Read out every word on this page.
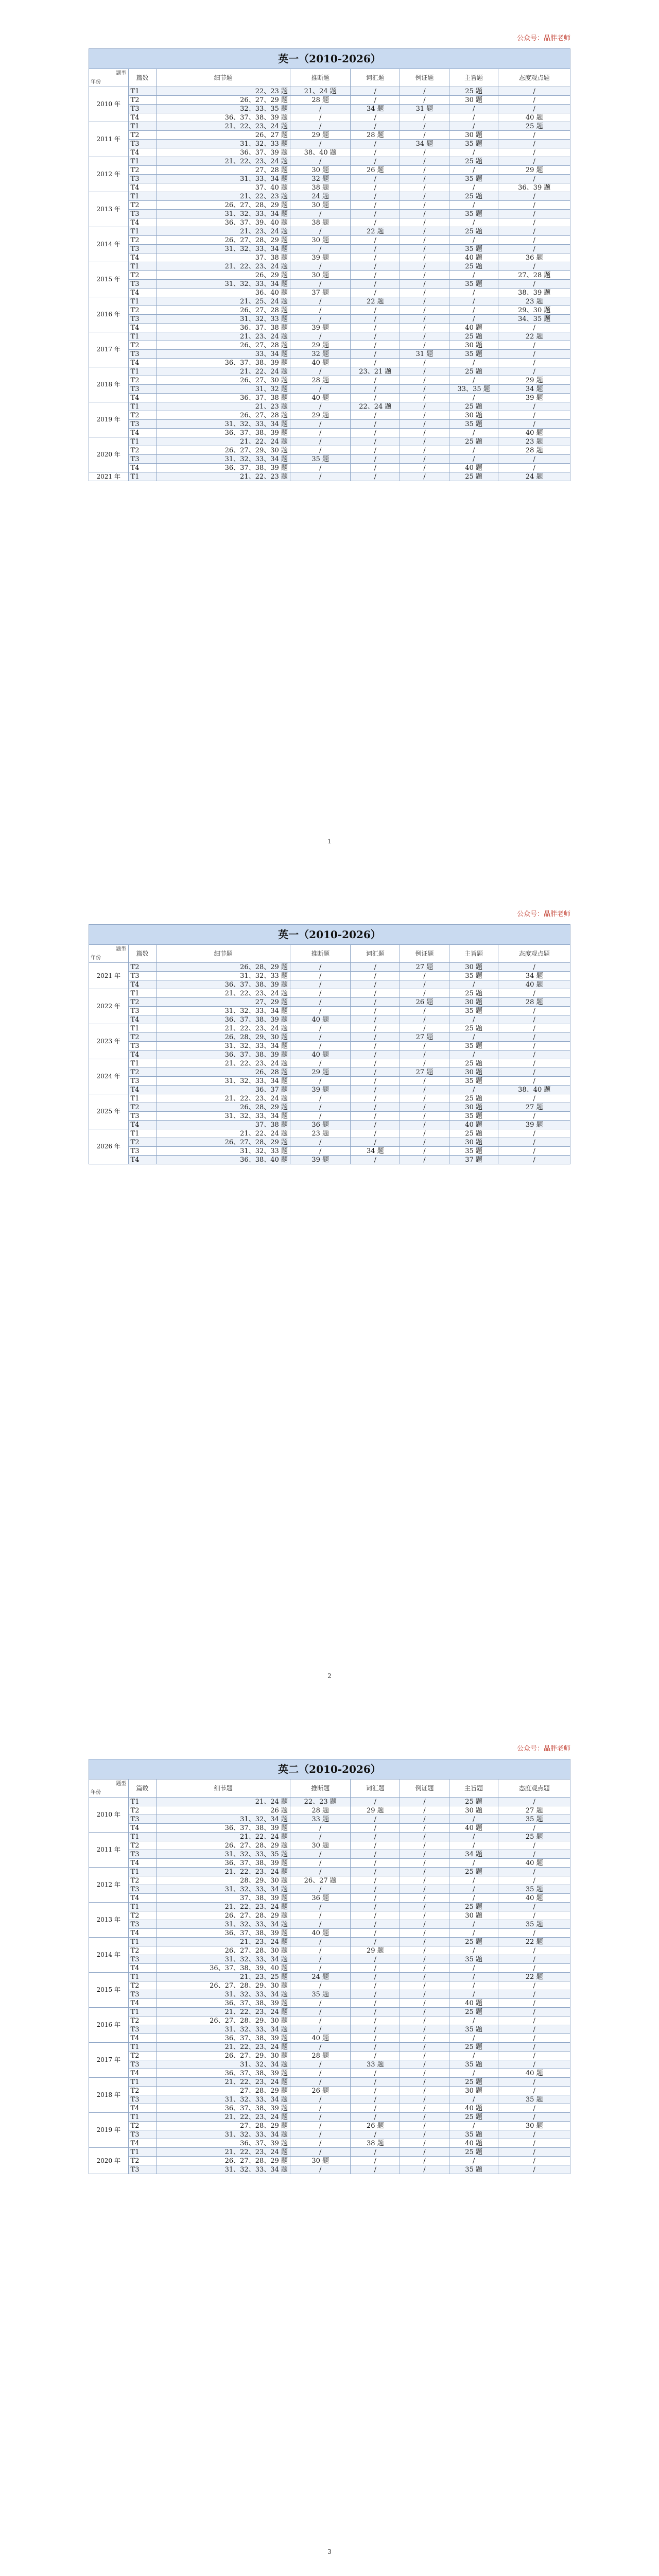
公众号：晶胖老师
英一（2010-2026）							

题型
年份	篇数	细节题	推断题	词汇题	例证题	主旨题	态度观点题
2010 年	T1	22、23 题	21、24 题	/	/	25 题	/
	T2	26、27、29 题	28 题	/	/	30 题	/
	T3	32、33、35 题	/	34 题	31 题	/	/
	T4	36、37、38、39 题	/	/	/	/	40 题
2011 年	T1	21、22、23、24 题	/	/	/	/	25 题
	T2	26、27 题	29 题	28 题	/	30 题	/
	T3	31、32、33 题	/	/	34 题	35 题	/
	T4	36、37、39 题	38、40 题	/	/	/	/
2012 年	T1	21、22、23、24 题	/	/	/	25 题	/
	T2	27、28 题	30 题	26 题	/	/	29 题
	T3	31、33、34 题	32 题	/	/	35 题	/
	T4	37、40 题	38 题	/	/	/	36、39 题
2013 年	T1	21、22、23 题	24 题	/	/	25 题	/
	T2	26、27、28、29 题	30 题	/	/	/	/
	T3	31、32、33、34 题	/	/	/	35 题	/
	T4	36、37、39、40 题	38 题	/	/	/	/
2014 年	T1	21、23、24 题	/	22 题	/	25 题	/
	T2	26、27、28、29 题	30 题	/	/	/	/
	T3	31、32、33、34 题	/	/	/	35 题	/
	T4	37、38 题	39 题	/	/	40 题	36 题
2015 年	T1	21、22、23、24 题	/	/	/	25 题	/
	T2	26、29 题	30 题	/	/	/	27、28 题
	T3	31、32、33、34 题	/	/	/	35 题	/
	T4	36、40 题	37 题	/	/	/	38、39 题
2016 年	T1	21、25、24 题	/	22 题	/	/	23 题
	T2	26、27、28 题	/	/	/	/	29、30 题
	T3	31、32、33 题	/	/	/	/	34、35 题
	T4	36、37、38 题	39 题	/	/	40 题	/
2017 年	T1	21、23、24 题	/	/	/	25 题	22 题
	T2	26、27、28 题	29 题	/	/	30 题	/
	T3	33、34 题	32 题	/	31 题	35 题	/
	T4	36、37、38、39 题	40 题	/	/	/	/
2018 年	T1	21、22、24 题	/	23、21 题	/	25 题	/
	T2	26、27、30 题	28 题	/	/	/	29 题
	T3	31、32 题	/	/	/	33、35 题	34 题
	T4	36、37、38 题	40 题	/	/	/	39 题
2019 年	T1	21、23 题	/	22、24 题	/	25 题	/
	T2	26、27、28 题	29 题	/	/	30 题	/
	T3	31、32、33、34 题	/	/	/	35 题	/
	T4	36、37、38、39 题	/	/	/	/	40 题
2020 年	T1	21、22、24 题	/	/	/	25 题	23 题
	T2	26、27、29、30 题	/	/	/	/	28 题
	T3	31、32、33、34 题	35 题	/	/	/	/
	T4	36、37、38、39 题	/	/	/	40 题	/
2021 年	T1	21、22、23 题	/	/	/	25 题	24 题
1
公众号：晶胖老师
英一（2010-2026）							

题型
年份	篇数	细节题	推断题	词汇题	例证题	主旨题	态度观点题
2021 年	T2	26、28、29 题	/	/	27 题	30 题	/
	T3	31、32、33 题	/	/	/	35 题	34 题
	T4	36、37、38、39 题	/	/	/	/	40 题
2022 年	T1	21、22、23、24 题	/	/	/	25 题	/
	T2	27、29 题	/	/	26 题	30 题	28 题
	T3	31、32、33、34 题	/	/	/	35 题	/
	T4	36、37、38、39 题	40 题	/	/	/	/
2023 年	T1	21、22、23、24 题	/	/	/	25 题	/
	T2	26、28、29、30 题	/	/	27 题	/	/
	T3	31、32、33、34 题	/	/	/	35 题	/
	T4	36、37、38、39 题	40 题	/	/	/	/
2024 年	T1	21、22、23、24 题	/	/	/	25 题	/
	T2	26、28 题	29 题	/	27 题	30 题	/
	T3	31、32、33、34 题	/	/	/	35 题	/
	T4	36、37 题	39 题	/	/	/	38、40 题
2025 年	T1	21、22、23、24 题	/	/	/	25 题	/
	T2	26、28、29 题	/	/	/	30 题	27 题
	T3	31、32、33、34 题	/	/	/	35 题	/
	T4	37、38 题	36 题	/	/	40 题	39 题
2026 年	T1	21、22、24 题	23 题	/	/	25 题	/
	T2	26、27、28、29 题	/	/	/	30 题	/
	T3	31、32、33 题	/	34 题	/	35 题	/
	T4	36、38、40 题	39 题	/	/	37 题	/
2
公众号：晶胖老师
英二（2010-2026）							

题型
年份	篇数	细节题	推断题	词汇题	例证题	主旨题	态度观点题
2010 年	T1	21、24 题	22、23 题	/	/	25 题	/
	T2	26 题	28 题	29 题	/	30 题	27 题
	T3	31、32、34 题	33 题	/	/	/	35 题
	T4	36、37、38、39 题	/	/	/	40 题	/
2011 年	T1	21、22、24 题	/	/	/	/	25 题
	T2	26、27、28、29 题	30 题	/	/	/	/
	T3	31、32、33、35 题	/	/	/	34 题	/
	T4	36、37、38、39 题	/	/	/	/	40 题
2012 年	T1	21、22、23、24 题	/	/	/	25 题	/
	T2	28、29、30 题	26、27 题	/	/	/	/
	T3	31、32、33、34 题	/	/	/	/	35 题
	T4	37、38、39 题	36 题	/	/	/	40 题
2013 年	T1	21、22、23、24 题	/	/	/	25 题	/
	T2	26、27、28、29 题	/	/	/	30 题	/
	T3	31、32、33、34 题	/	/	/	/	35 题
	T4	36、37、38、39 题	40 题	/	/	/	/
2014 年	T1	21、23、24 题	/	/	/	25 题	22 题
	T2	26、27、28、30 题	/	29 题	/	/	/
	T3	31、32、33、34 题	/	/	/	35 题	/
	T4	36、37、38、39、40 题	/	/	/	/	/
2015 年	T1	21、23、25 题	24 题	/	/	/	22 题
	T2	26、27、28、29、30 题	/	/	/	/	/
	T3	31、32、33、34 题	35 题	/	/	/	/
	T4	36、37、38、39 题	/	/	/	40 题	/
2016 年	T1	21、22、23、24 题	/	/	/	25 题	/
	T2	26、27、28、29、30 题	/	/	/	/	/
	T3	31、32、33、34 题	/	/	/	35 题	/
	T4	36、37、38、39 题	40 题	/	/	/	/
2017 年	T1	21、22、23、24 题	/	/	/	25 题	/
	T2	26、27、29、30 题	28 题	/	/	/	/
	T3	31、32、34 题	/	33 题	/	35 题	/
	T4	36、37、38、39 题	/	/	/	/	40 题
2018 年	T1	21、22、23、24 题	/	/	/	25 题	/
	T2	27、28、29 题	26 题	/	/	30 题	/
	T3	31、32、33、34 题	/	/	/	/	35 题
	T4	36、37、38、39 题	/	/	/	40 题	/
2019 年	T1	21、22、23、24 题	/	/	/	25 题	/
	T2	27、28、29 题	/	26 题	/	/	30 题
	T3	31、32、33、34 题	/	/	/	35 题	/
	T4	36、37、39 题	/	38 题	/	40 题	/
2020 年	T1	21、22、23、24 题	/	/	/	25 题	/
	T2	26、27、28、29 题	30 题	/	/	/	/
	T3	31、32、33、34 题	/	/	/	35 题	/
3
